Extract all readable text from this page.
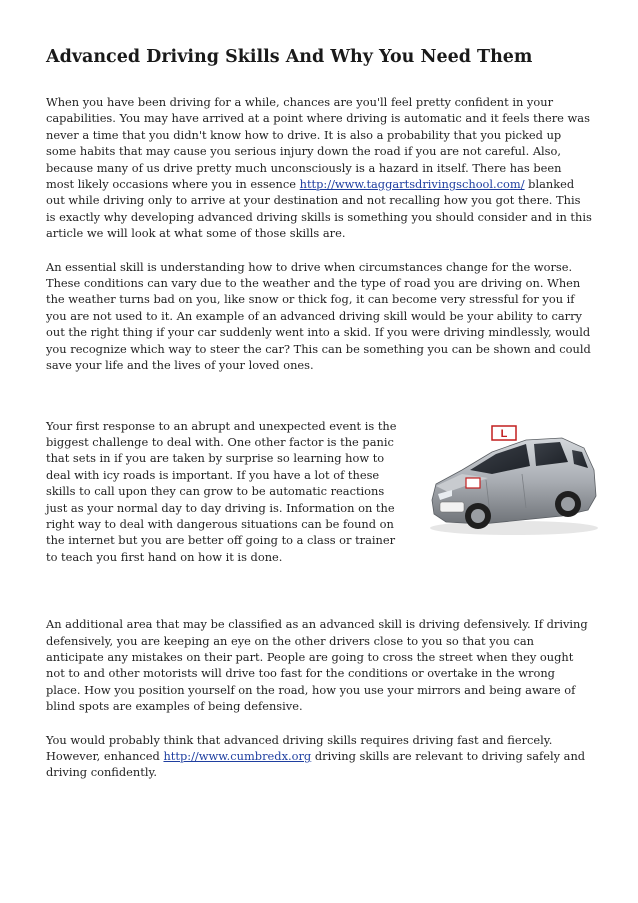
Advanced Driving Skills And Why You Need Them

When you have been driving for a while, chances are you'll feel pretty confident in your capabilities. You may have arrived at a point where driving is automatic and it feels there was never a time that you didn't know how to drive. It is also a probability that you picked up some habits that may cause you serious injury down the road if you are not careful. Also, because many of us drive pretty much unconsciously is a hazard in itself. There has been most likely occasions where you in essence http://www.taggartsdrivingschool.com/ blanked out while driving only to arrive at your destination and not recalling how you got there. This is exactly why developing advanced driving skills is something you should consider and in this article we will look at what some of those skills are.

An essential skill is understanding how to drive when circumstances change for the worse. These conditions can vary due to the weather and the type of road you are driving on. When the weather turns bad on you, like snow or thick fog, it can become very stressful for you if you are not used to it. An example of an advanced driving skill would be your ability to carry out the right thing if your car suddenly went into a skid. If you were driving mindlessly, would you recognize which way to steer the car? This can be something you can be shown and could save your life and the lives of your loved ones.

L
Your first response to an abrupt and unexpected event is the biggest challenge to deal with. One other factor is the panic that sets in if you are taken by surprise so learning how to deal with icy roads is important. If you have a lot of these skills to call upon they can grow to be automatic reactions just as your normal day to day driving is. Information on the right way to deal with dangerous situations can be found on the internet but you are better off going to a class or trainer to teach you first hand on how it is done.

An additional area that may be classified as an advanced skill is driving defensively. If driving defensively, you are keeping an eye on the other drivers close to you so that you can anticipate any mistakes on their part. People are going to cross the street when they ought not to and other motorists will drive too fast for the conditions or overtake in the wrong place. How you position yourself on the road, how you use your mirrors and being aware of blind spots are examples of being defensive.

You would probably think that advanced driving skills requires driving fast and fiercely. However, enhanced http://www.cumbredx.org driving skills are relevant to driving safely and driving confidently.
